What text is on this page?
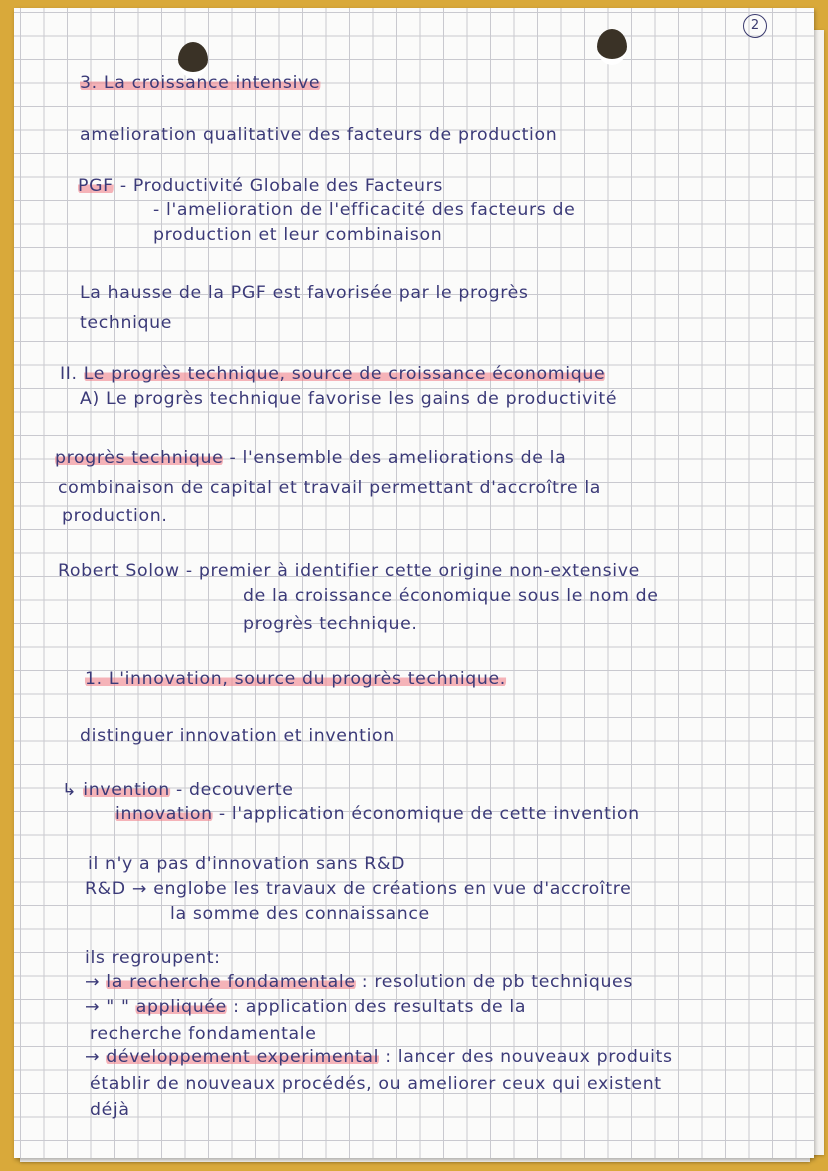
2
3. La croissance intensive
amelioration qualitative des facteurs de production
PGF - Productivité Globale des Facteurs
- l'amelioration de l'efficacité des facteurs de
production et leur combinaison
La hausse de la PGF est favorisée par le progrès
technique
II. Le progrès technique, source de croissance économique
A) Le progrès technique favorise les gains de productivité
progrès technique - l'ensemble des ameliorations de la
combinaison de capital et travail permettant d'accroître la
production.
Robert Solow - premier à identifier cette origine non-extensive
de la croissance économique sous le nom de
progrès technique.
1. L'innovation, source du progrès technique.
distinguer innovation et invention
↳ invention - decouverte
innovation - l'application économique de cette invention
il n'y a pas d'innovation sans R&D
R&D → englobe les travaux de créations en vue d'accroître
la somme des connaissance
ils regroupent:
→ la recherche fondamentale : resolution de pb techniques
→ " " appliquée : application des resultats de la
recherche fondamentale
→ développement experimental : lancer des nouveaux produits
établir de nouveaux procédés, ou ameliorer ceux qui existent
déjà
